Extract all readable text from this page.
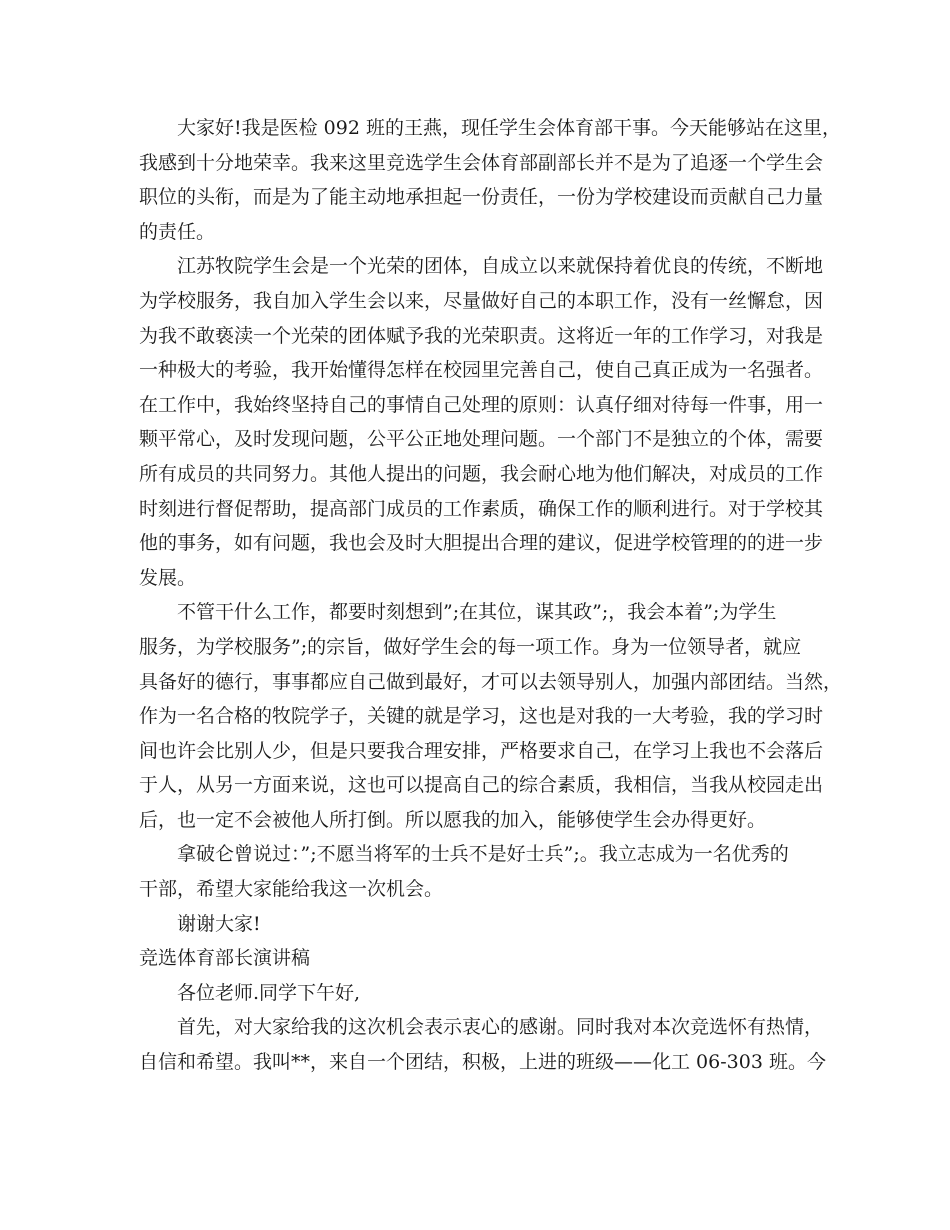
大家好!我是医检 092 班的王燕，现任学生会体育部干事。今天能够站在这里，
我感到十分地荣幸。我来这里竞选学生会体育部副部长并不是为了追逐一个学生会
职位的头衔，而是为了能主动地承担起一份责任，一份为学校建设而贡献自己力量
的责任。
江苏牧院学生会是一个光荣的团体，自成立以来就保持着优良的传统，不断地
为学校服务，我自加入学生会以来，尽量做好自己的本职工作，没有一丝懈怠，因
为我不敢亵渎一个光荣的团体赋予我的光荣职责。这将近一年的工作学习，对我是
一种极大的考验，我开始懂得怎样在校园里完善自己，使自己真正成为一名强者。
在工作中，我始终坚持自己的事情自己处理的原则：认真仔细对待每一件事，用一
颗平常心，及时发现问题，公平公正地处理问题。一个部门不是独立的个体，需要
所有成员的共同努力。其他人提出的问题，我会耐心地为他们解决，对成员的工作
时刻进行督促帮助，提高部门成员的工作素质，确保工作的顺利进行。对于学校其
他的事务，如有问题，我也会及时大胆提出合理的建议，促进学校管理的的进一步
发展。
不管干什么工作，都要时刻想到”;在其位，谋其政”;，我会本着”;为学生
服务，为学校服务”;的宗旨，做好学生会的每一项工作。身为一位领导者，就应
具备好的德行，事事都应自己做到最好，才可以去领导别人，加强内部团结。当然，
作为一名合格的牧院学子，关键的就是学习，这也是对我的一大考验，我的学习时
间也许会比别人少，但是只要我合理安排，严格要求自己，在学习上我也不会落后
于人，从另一方面来说，这也可以提高自己的综合素质，我相信，当我从校园走出
后，也一定不会被他人所打倒。所以愿我的加入，能够使学生会办得更好。
拿破仑曾说过：”;不愿当将军的士兵不是好士兵”;。我立志成为一名优秀的
干部，希望大家能给我这一次机会。
谢谢大家!
竞选体育部长演讲稿
各位老师.同学下午好,
首先，对大家给我的这次机会表示衷心的感谢。同时我对本次竞选怀有热情，
自信和希望。我叫**，来自一个团结，积极，上进的班级——化工 06-303 班。今
